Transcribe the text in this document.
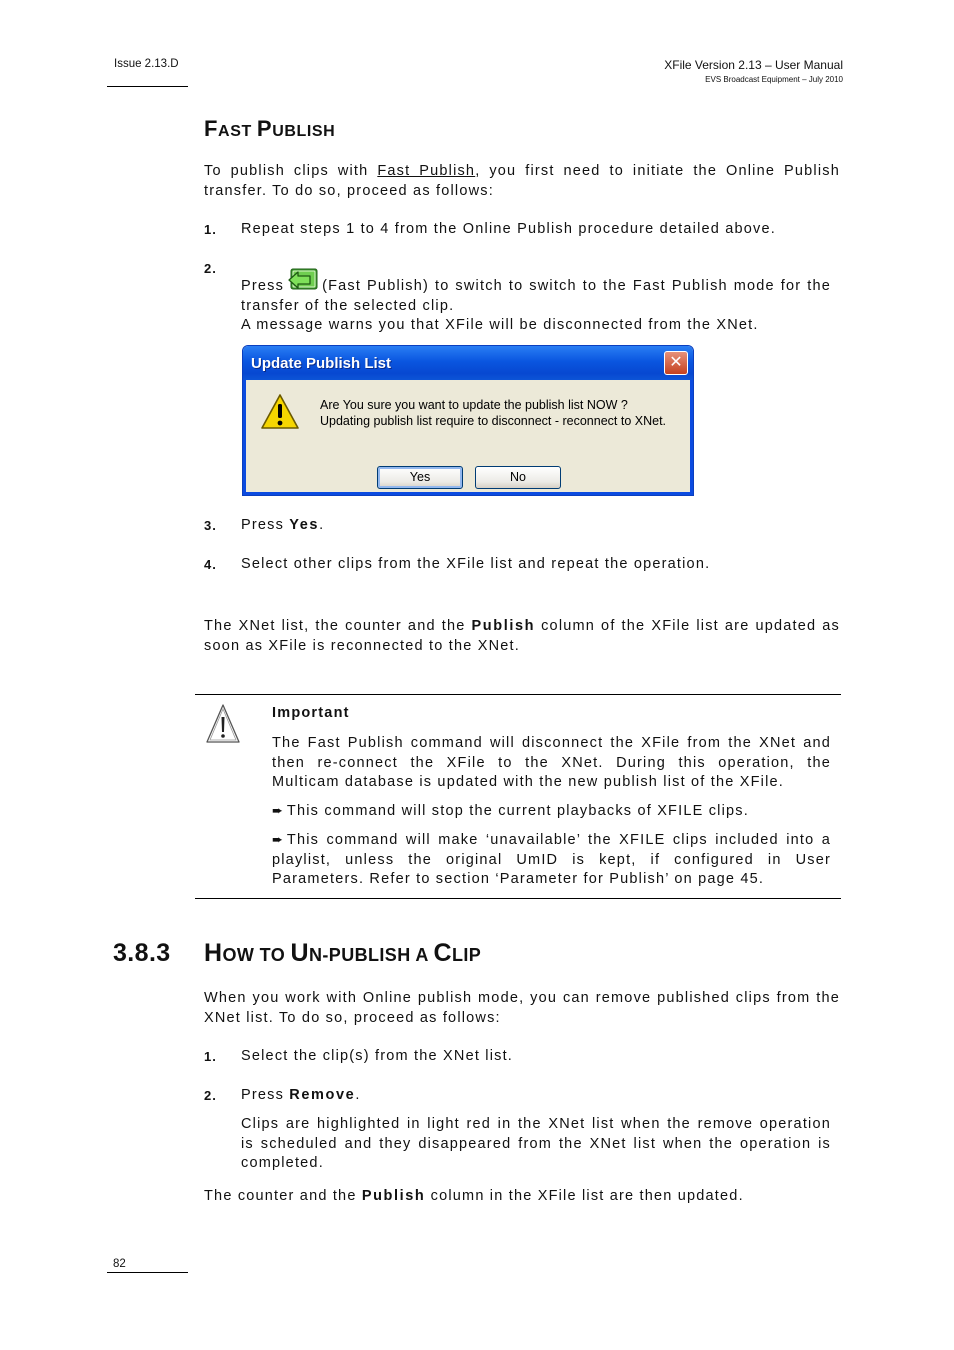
Issue 2.13.D	XFile Version 2.13 – User Manual
EVS Broadcast Equipment – July 2010
FAST PUBLISH
To publish clips with Fast Publish, you first need to initiate the Online Publish transfer. To do so, proceed as follows:
1. Repeat steps 1 to 4 from the Online Publish procedure detailed above.
2.
Press	(Fast Publish) to switch to switch to the Fast Publish mode for the transfer of the selected clip.
A message warns you that XFile will be disconnected from the XNet.
Update Publish List	✕
Are You sure you want to update the publish list NOW ?
Updating publish list require to disconnect - reconnect to XNet.
Yes	No
3. Press Yes.
4. Select other clips from the XFile list and repeat the operation.
The XNet list, the counter and the Publish column of the XFile list are updated as soon as XFile is reconnected to the XNet.
Important
The Fast Publish command will disconnect the XFile from the XNet and then re-connect the XFile to the XNet. During this operation, the Multicam database is updated with the new publish list of the XFile.
➨ This command will stop the current playbacks of XFILE clips.
➨ This command will make ‘unavailable’ the XFILE clips included into a playlist, unless the original UmID is kept, if configured in User Parameters. Refer to section ‘Parameter for Publish’ on page 45.
3.8.3 HOW TO UN-PUBLISH A CLIP
When you work with Online publish mode, you can remove published clips from the XNet list. To do so, proceed as follows:
1. Select the clip(s) from the XNet list.
2. Press Remove.
Clips are highlighted in light red in the XNet list when the remove operation is scheduled and they disappeared from the XNet list when the operation is completed.
The counter and the Publish column in the XFile list are then updated.
82
